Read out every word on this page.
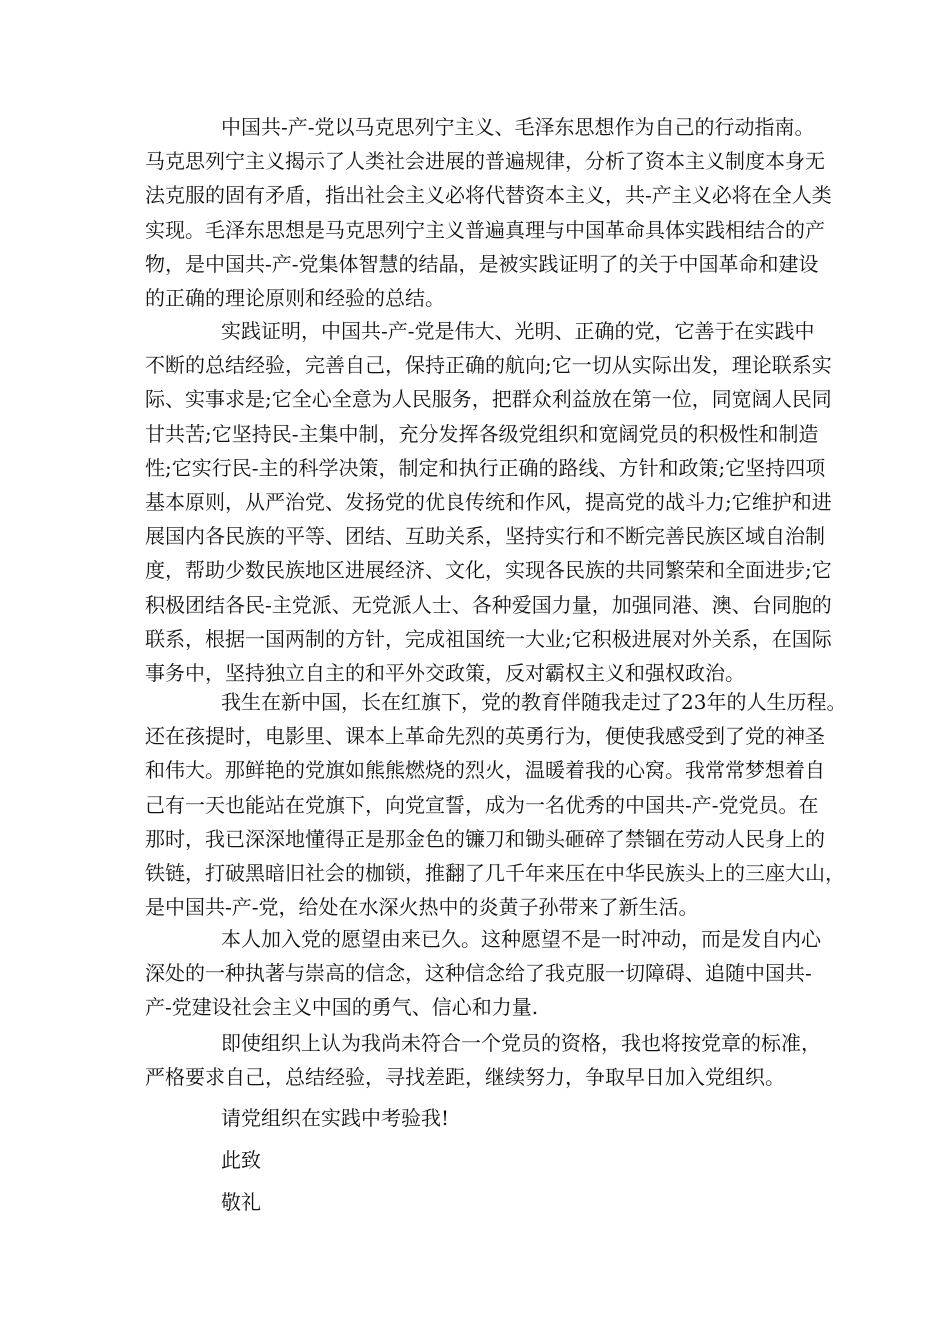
中国共-产-党以马克思列宁主义、毛泽东思想作为自己的行动指南。
马克思列宁主义揭示了人类社会进展的普遍规律，分析了资本主义制度本身无
法克服的固有矛盾，指出社会主义必将代替资本主义，共-产主义必将在全人类
实现。毛泽东思想是马克思列宁主义普遍真理与中国革命具体实践相结合的产
物，是中国共-产-党集体智慧的结晶，是被实践证明了的关于中国革命和建设
的正确的理论原则和经验的总结。
实践证明，中国共-产-党是伟大、光明、正确的党，它善于在实践中
不断的总结经验，完善自己，保持正确的航向;它一切从实际出发，理论联系实
际、实事求是;它全心全意为人民服务，把群众利益放在第一位，同宽阔人民同
甘共苦;它坚持民-主集中制，充分发挥各级党组织和宽阔党员的积极性和制造
性;它实行民-主的科学决策，制定和执行正确的路线、方针和政策;它坚持四项
基本原则，从严治党、发扬党的优良传统和作风，提高党的战斗力;它维护和进
展国内各民族的平等、团结、互助关系，坚持实行和不断完善民族区域自治制
度，帮助少数民族地区进展经济、文化，实现各民族的共同繁荣和全面进步;它
积极团结各民-主党派、无党派人士、各种爱国力量，加强同港、澳、台同胞的
联系，根据一国两制的方针，完成祖国统一大业;它积极进展对外关系，在国际
事务中，坚持独立自主的和平外交政策，反对霸权主义和强权政治。
我生在新中国，长在红旗下，党的教育伴随我走过了23年的人生历程。
还在孩提时，电影里、课本上革命先烈的英勇行为，便使我感受到了党的神圣
和伟大。那鲜艳的党旗如熊熊燃烧的烈火，温暖着我的心窝。我常常梦想着自
己有一天也能站在党旗下，向党宣誓，成为一名优秀的中国共-产-党党员。在
那时，我已深深地懂得正是那金色的镰刀和锄头砸碎了禁锢在劳动人民身上的
铁链，打破黑暗旧社会的枷锁，推翻了几千年来压在中华民族头上的三座大山，
是中国共-产-党，给处在水深火热中的炎黄子孙带来了新生活。
本人加入党的愿望由来已久。这种愿望不是一时冲动，而是发自内心
深处的一种执著与崇高的信念，这种信念给了我克服一切障碍、追随中国共-
产-党建设社会主义中国的勇气、信心和力量.
即使组织上认为我尚未符合一个党员的资格，我也将按党章的标准，
严格要求自己，总结经验，寻找差距，继续努力，争取早日加入党组织。
请党组织在实践中考验我!
此致
敬礼
